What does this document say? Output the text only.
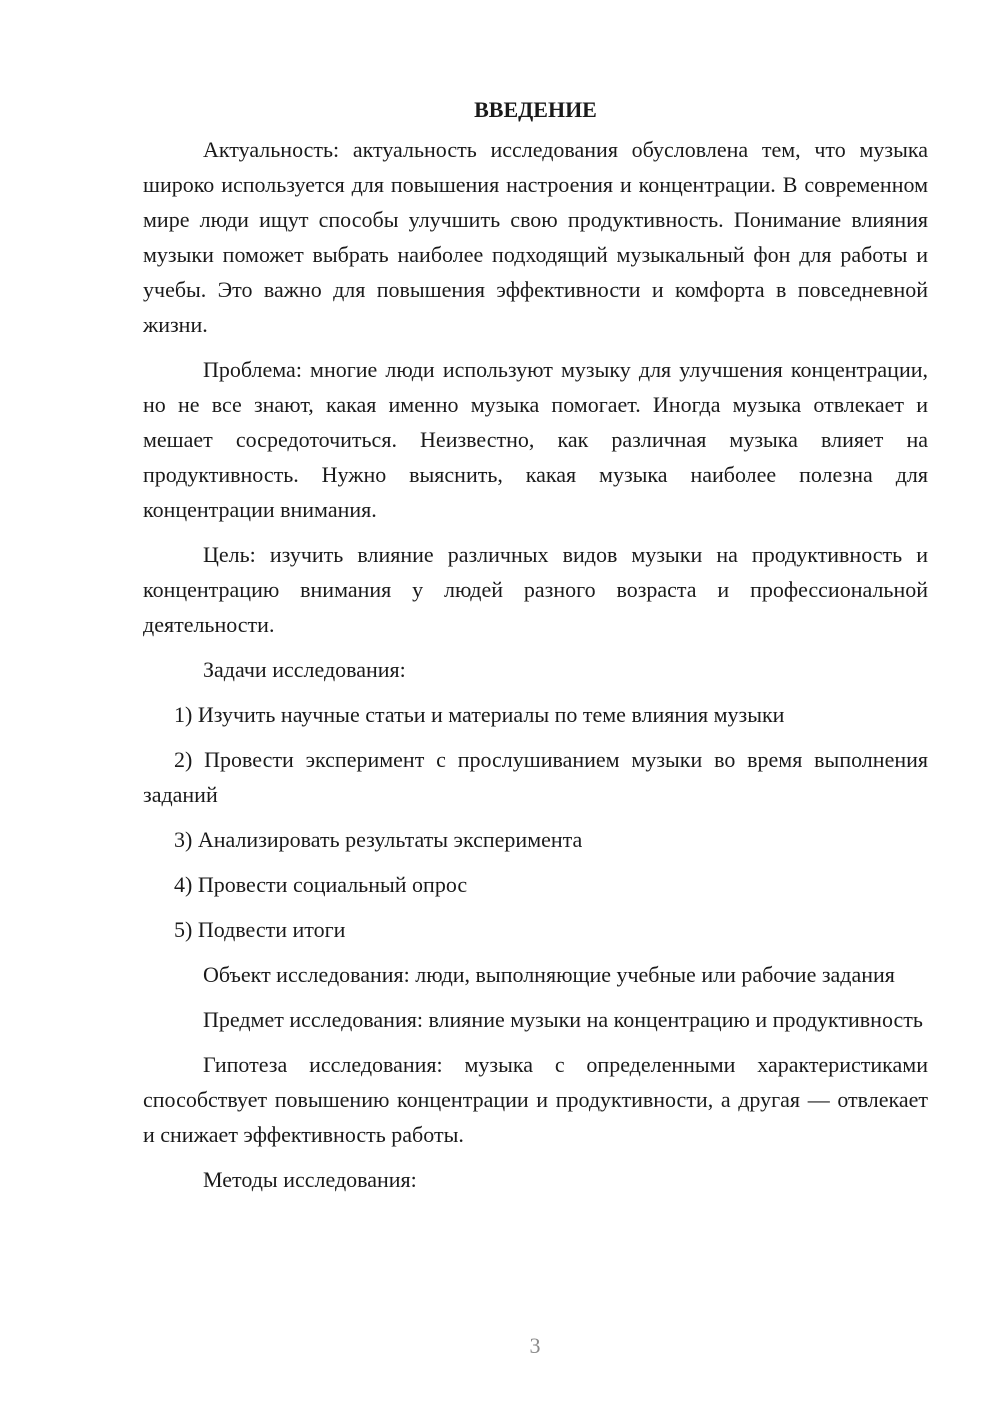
ВВЕДЕНИЕ

Актуальность: актуальность исследования обусловлена тем, что музыка широко используется для повышения настроения и концентрации. В современном мире люди ищут способы улучшить свою продуктивность. Понимание влияния музыки поможет выбрать наиболее подходящий музыкальный фон для работы и учебы. Это важно для повышения эффективности и комфорта в повседневной жизни.

Проблема: многие люди используют музыку для улучшения концентрации, но не все знают, какая именно музыка помогает. Иногда музыка отвлекает и мешает сосредоточиться. Неизвестно, как различная музыка влияет на продуктивность. Нужно выяснить, какая музыка наиболее полезна для концентрации внимания.

Цель: изучить влияние различных видов музыки на продуктивность и концентрацию внимания у людей разного возраста и профессиональной деятельности.

Задачи исследования:

1) Изучить научные статьи и материалы по теме влияния музыки

2) Провести эксперимент с прослушиванием музыки во время выполнения заданий

3) Анализировать результаты эксперимента

4) Провести социальный опрос

5) Подвести итоги

Объект исследования: люди, выполняющие учебные или рабочие задания

Предмет исследования: влияние музыки на концентрацию и продуктивность

Гипотеза исследования: музыка с определенными характеристиками способствует повышению концентрации и продуктивности, а другая — отвлекает и снижает эффективность работы.

Методы исследования:

3
